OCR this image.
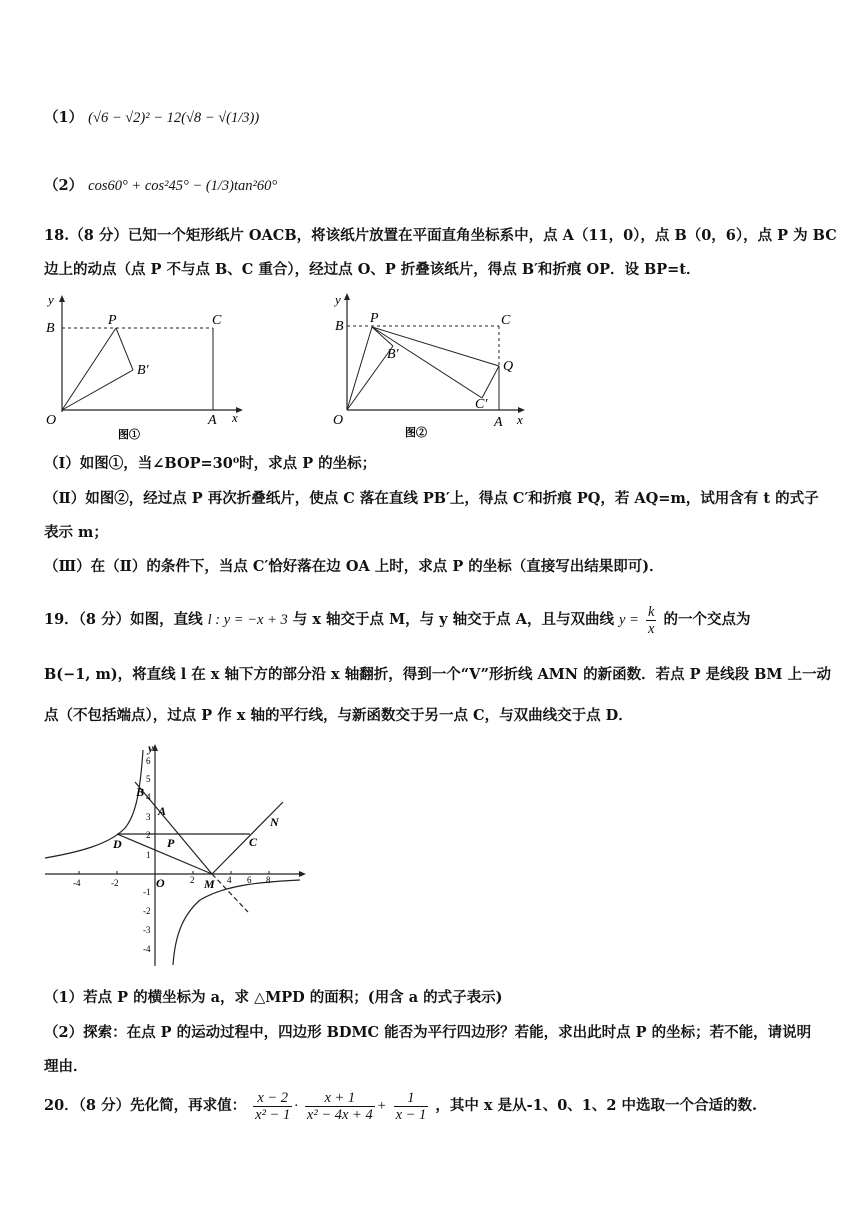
（1） (√6 − √2)² − 12(√8 − √(1/3))
（2） cos60° + cos²45° − (1/3)tan²60°
18.（8 分）已知一个矩形纸片 OACB，将该纸片放置在平面直角坐标系中，点 A（11，0），点 B（0，6），点 P 为 BC
边上的动点（点 P 不与点 B、C 重合），经过点 O、P 折叠该纸片，得点 B′和折痕 OP．设 BP=t．
y
B
P	C
B′
O	A x
图①
y
B
P	C
B′
Q
C′
O	A x
图②
（Ⅰ）如图①，当∠BOP=30⁰时，求点 P 的坐标；
（Ⅱ）如图②，经过点 P 再次折叠纸片，使点 C 落在直线 PB′上，得点 C′和折痕 PQ，若 AQ=m，试用含有 t 的式子
表示 m；
（Ⅲ）在（Ⅱ）的条件下，当点 C′恰好落在边 OA 上时，求点 P 的坐标（直接写出结果即可)．
19．（8 分）如图，直线 l : y = −x + 3 与 x 轴交于点 M，与 y 轴交于点 A，且与双曲线 $y = \frac{k}{x}$ 的一个交点为
B(−1, m)，将直线 l 在 x 轴下方的部分沿 x 轴翻折，得到一个“V”形折线 AMN 的新函数．若点 P 是线段 BM 上一动
点（不包括端点），过点 P 作 x 轴的平行线，与新函数交于另一点 C，与双曲线交于点 D．
-4	-2	2	4 6 8
1
2
3
4
5
6
-1
-2
-3
-4
y
B
A
D	P	C
N
O	M
（1）若点 P 的横坐标为 a，求 △MPD 的面积；(用含 a 的式子表示)
（2）探索：在点 P 的运动过程中，四边形 BDMC 能否为平行四边形？若能，求出此时点 P 的坐标；若不能，请说明
理由．
20．（8 分）先化简，再求值： $\frac{x - 2}{\text{x² − 1}} \cdot \frac{x + 1}{\text{x² − 4x + 4}} + \frac{1}{x - 1}$ ，其中 x 是从-1、0、1、2 中选取一个合适的数.
